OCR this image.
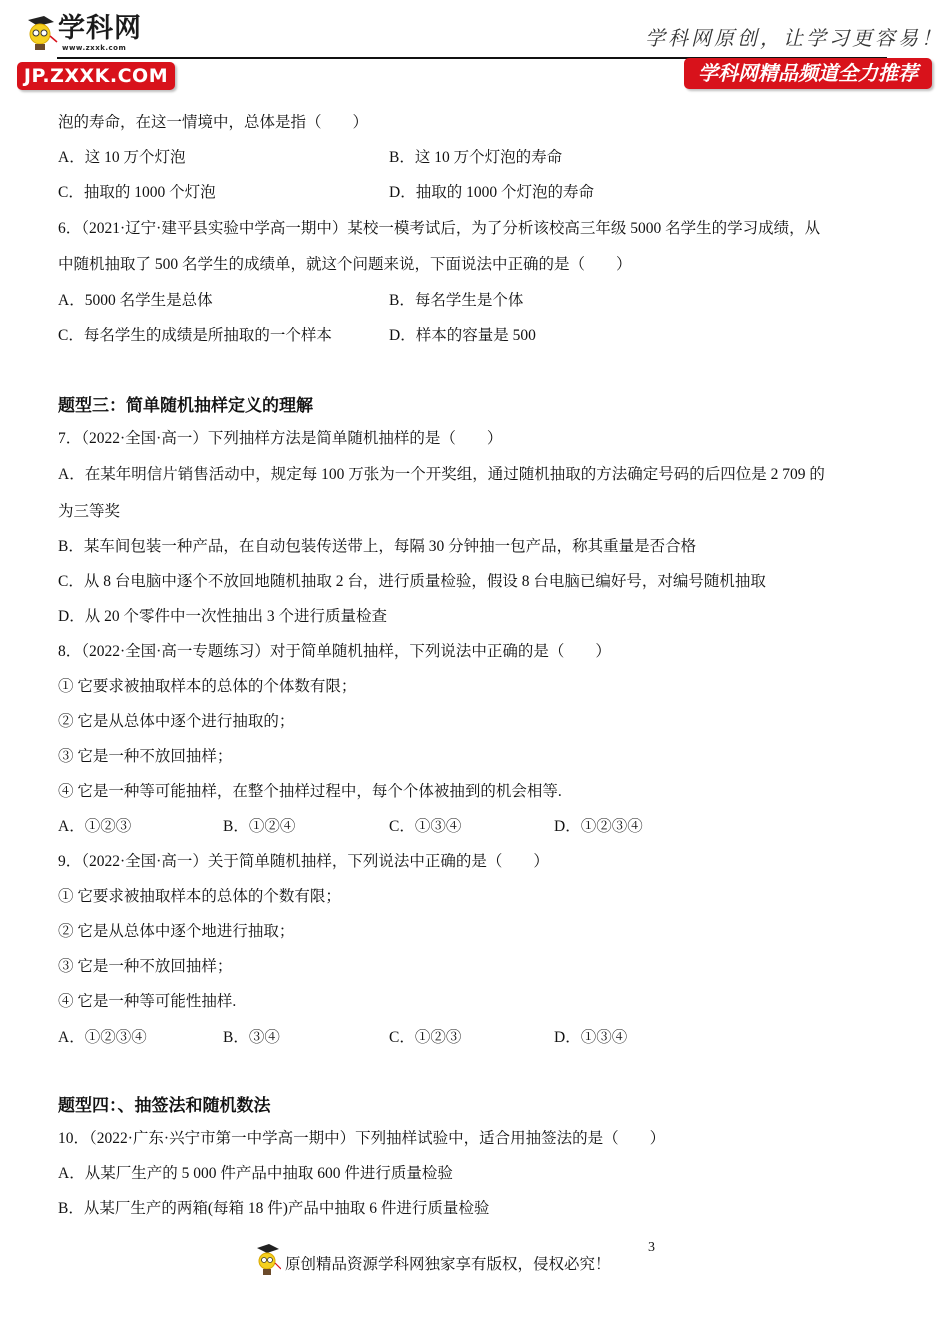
学科网
www.zxxk.com
JP.ZXXK.COM
学科网原创，让学习更容易！
学科网精品频道全力推荐
泡的寿命，在这一情境中，总体是指（　　）
A．这 10 万个灯泡	B．这 10 万个灯泡的寿命
C．抽取的 1000 个灯泡	D．抽取的 1000 个灯泡的寿命
6．（2021·辽宁·建平县实验中学高一期中）某校一模考试后，为了分析该校高三年级 5000 名学生的学习成绩，从
中随机抽取了 500 名学生的成绩单，就这个问题来说，下面说法中正确的是（　　）
A．5000 名学生是总体	B．每名学生是个体
C．每名学生的成绩是所抽取的一个样本	D．样本的容量是 500
题型三：简单随机抽样定义的理解
7．（2022·全国·高一）下列抽样方法是简单随机抽样的是（　　）
A．在某年明信片销售活动中，规定每 100 万张为一个开奖组，通过随机抽取的方法确定号码的后四位是 2 709 的
为三等奖
B．某车间包装一种产品，在自动包装传送带上，每隔 30 分钟抽一包产品，称其重量是否合格
C．从 8 台电脑中逐个不放回地随机抽取 2 台，进行质量检验，假设 8 台电脑已编好号，对编号随机抽取
D．从 20 个零件中一次性抽出 3 个进行质量检查
8．（2022·全国·高一专题练习）对于简单随机抽样，下列说法中正确的是（　　）
① 它要求被抽取样本的总体的个体数有限；
② 它是从总体中逐个进行抽取的；
③ 它是一种不放回抽样；
④ 它是一种等可能抽样，在整个抽样过程中，每个个体被抽到的机会相等.
A．①②③	B．①②④	C．①③④	D．①②③④
9．（2022·全国·高一）关于简单随机抽样，下列说法中正确的是（　　）
① 它要求被抽取样本的总体的个数有限；
② 它是从总体中逐个地进行抽取；
③ 它是一种不放回抽样；
④ 它是一种等可能性抽样.
A．①②③④	B．③④	C．①②③	D．①③④
题型四：、抽签法和随机数法
10．（2022·广东·兴宁市第一中学高一期中）下列抽样试验中，适合用抽签法的是（　　）
A．从某厂生产的 5 000 件产品中抽取 600 件进行质量检验
B．从某厂生产的两箱(每箱 18 件)产品中抽取 6 件进行质量检验
原创精品资源学科网独家享有版权，侵权必究！
3
